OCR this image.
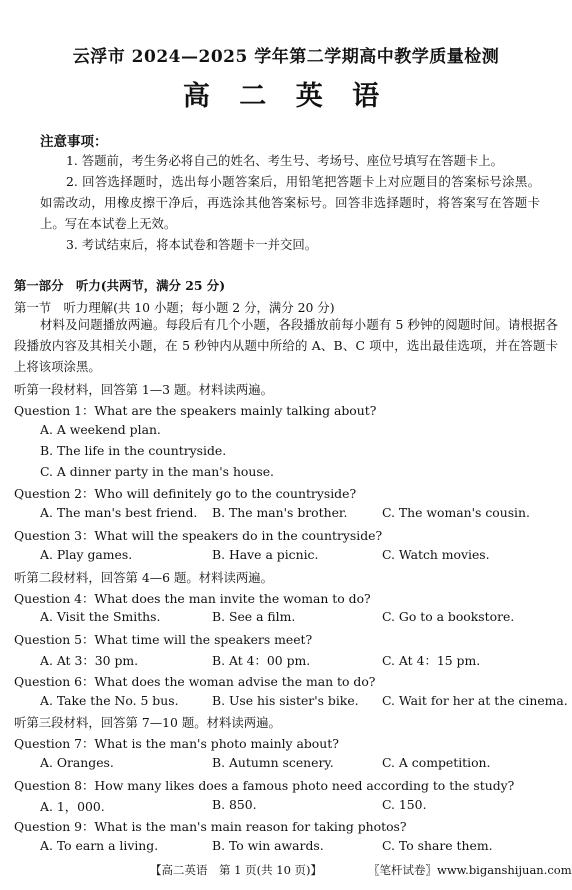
云浮市 2024—2025 学年第二学期高中教学质量检测
高 二 英 语
注意事项：
1. 答题前，考生务必将自己的姓名、考生号、考场号、座位号填写在答题卡上。
2. 回答选择题时，选出每小题答案后，用铅笔把答题卡上对应题目的答案标号涂黑。如需改动，用橡皮擦干净后，再选涂其他答案标号。回答非选择题时，将答案写在答题卡上。写在本试卷上无效。
3. 考试结束后，将本试卷和答题卡一并交回。
第一部分　听力(共两节，满分 25 分)
第一节　听力理解(共 10 小题；每小题 2 分，满分 20 分)
材料及问题播放两遍。每段后有几个小题，各段播放前每小题有 5 秒钟的阅题时间。请根据各段播放内容及其相关小题，在 5 秒钟内从题中所给的 A、B、C 项中，选出最佳选项，并在答题卡上将该项涂黑。
听第一段材料，回答第 1—3 题。材料读两遍。
Question 1：What are the speakers mainly talking about?
A. A weekend plan.
B. The life in the countryside.
C. A dinner party in the man's house.
Question 2：Who will definitely go to the countryside?
A. The man's best friend. B. The man's brother.	C. The woman's cousin.
Question 3：What will the speakers do in the countryside?
A. Play games.	B. Have a picnic.	C. Watch movies.
听第二段材料，回答第 4—6 题。材料读两遍。
Question 4：What does the man invite the woman to do?
A. Visit the Smiths.	B. See a film.	C. Go to a bookstore.
Question 5：What time will the speakers meet?
A. At 3：30 pm.	B. At 4：00 pm.	C. At 4：15 pm.
Question 6：What does the woman advise the man to do?
A. Take the No. 5 bus.	B. Use his sister's bike. C. Wait for her at the cinema.
听第三段材料，回答第 7—10 题。材料读两遍。
Question 7：What is the man's photo mainly about?
A. Oranges.	B. Autumn scenery.	C. A competition.
Question 8：How many likes does a famous photo need according to the study?
A. 1，000.	B. 850.	C. 150.
Question 9：What is the man's main reason for taking photos?
A. To earn a living.	B. To win awards.	C. To share them.
【高二英语　第 1 页(共 10 页)】	〖笔杆试卷〗www.biganshijuan.com
